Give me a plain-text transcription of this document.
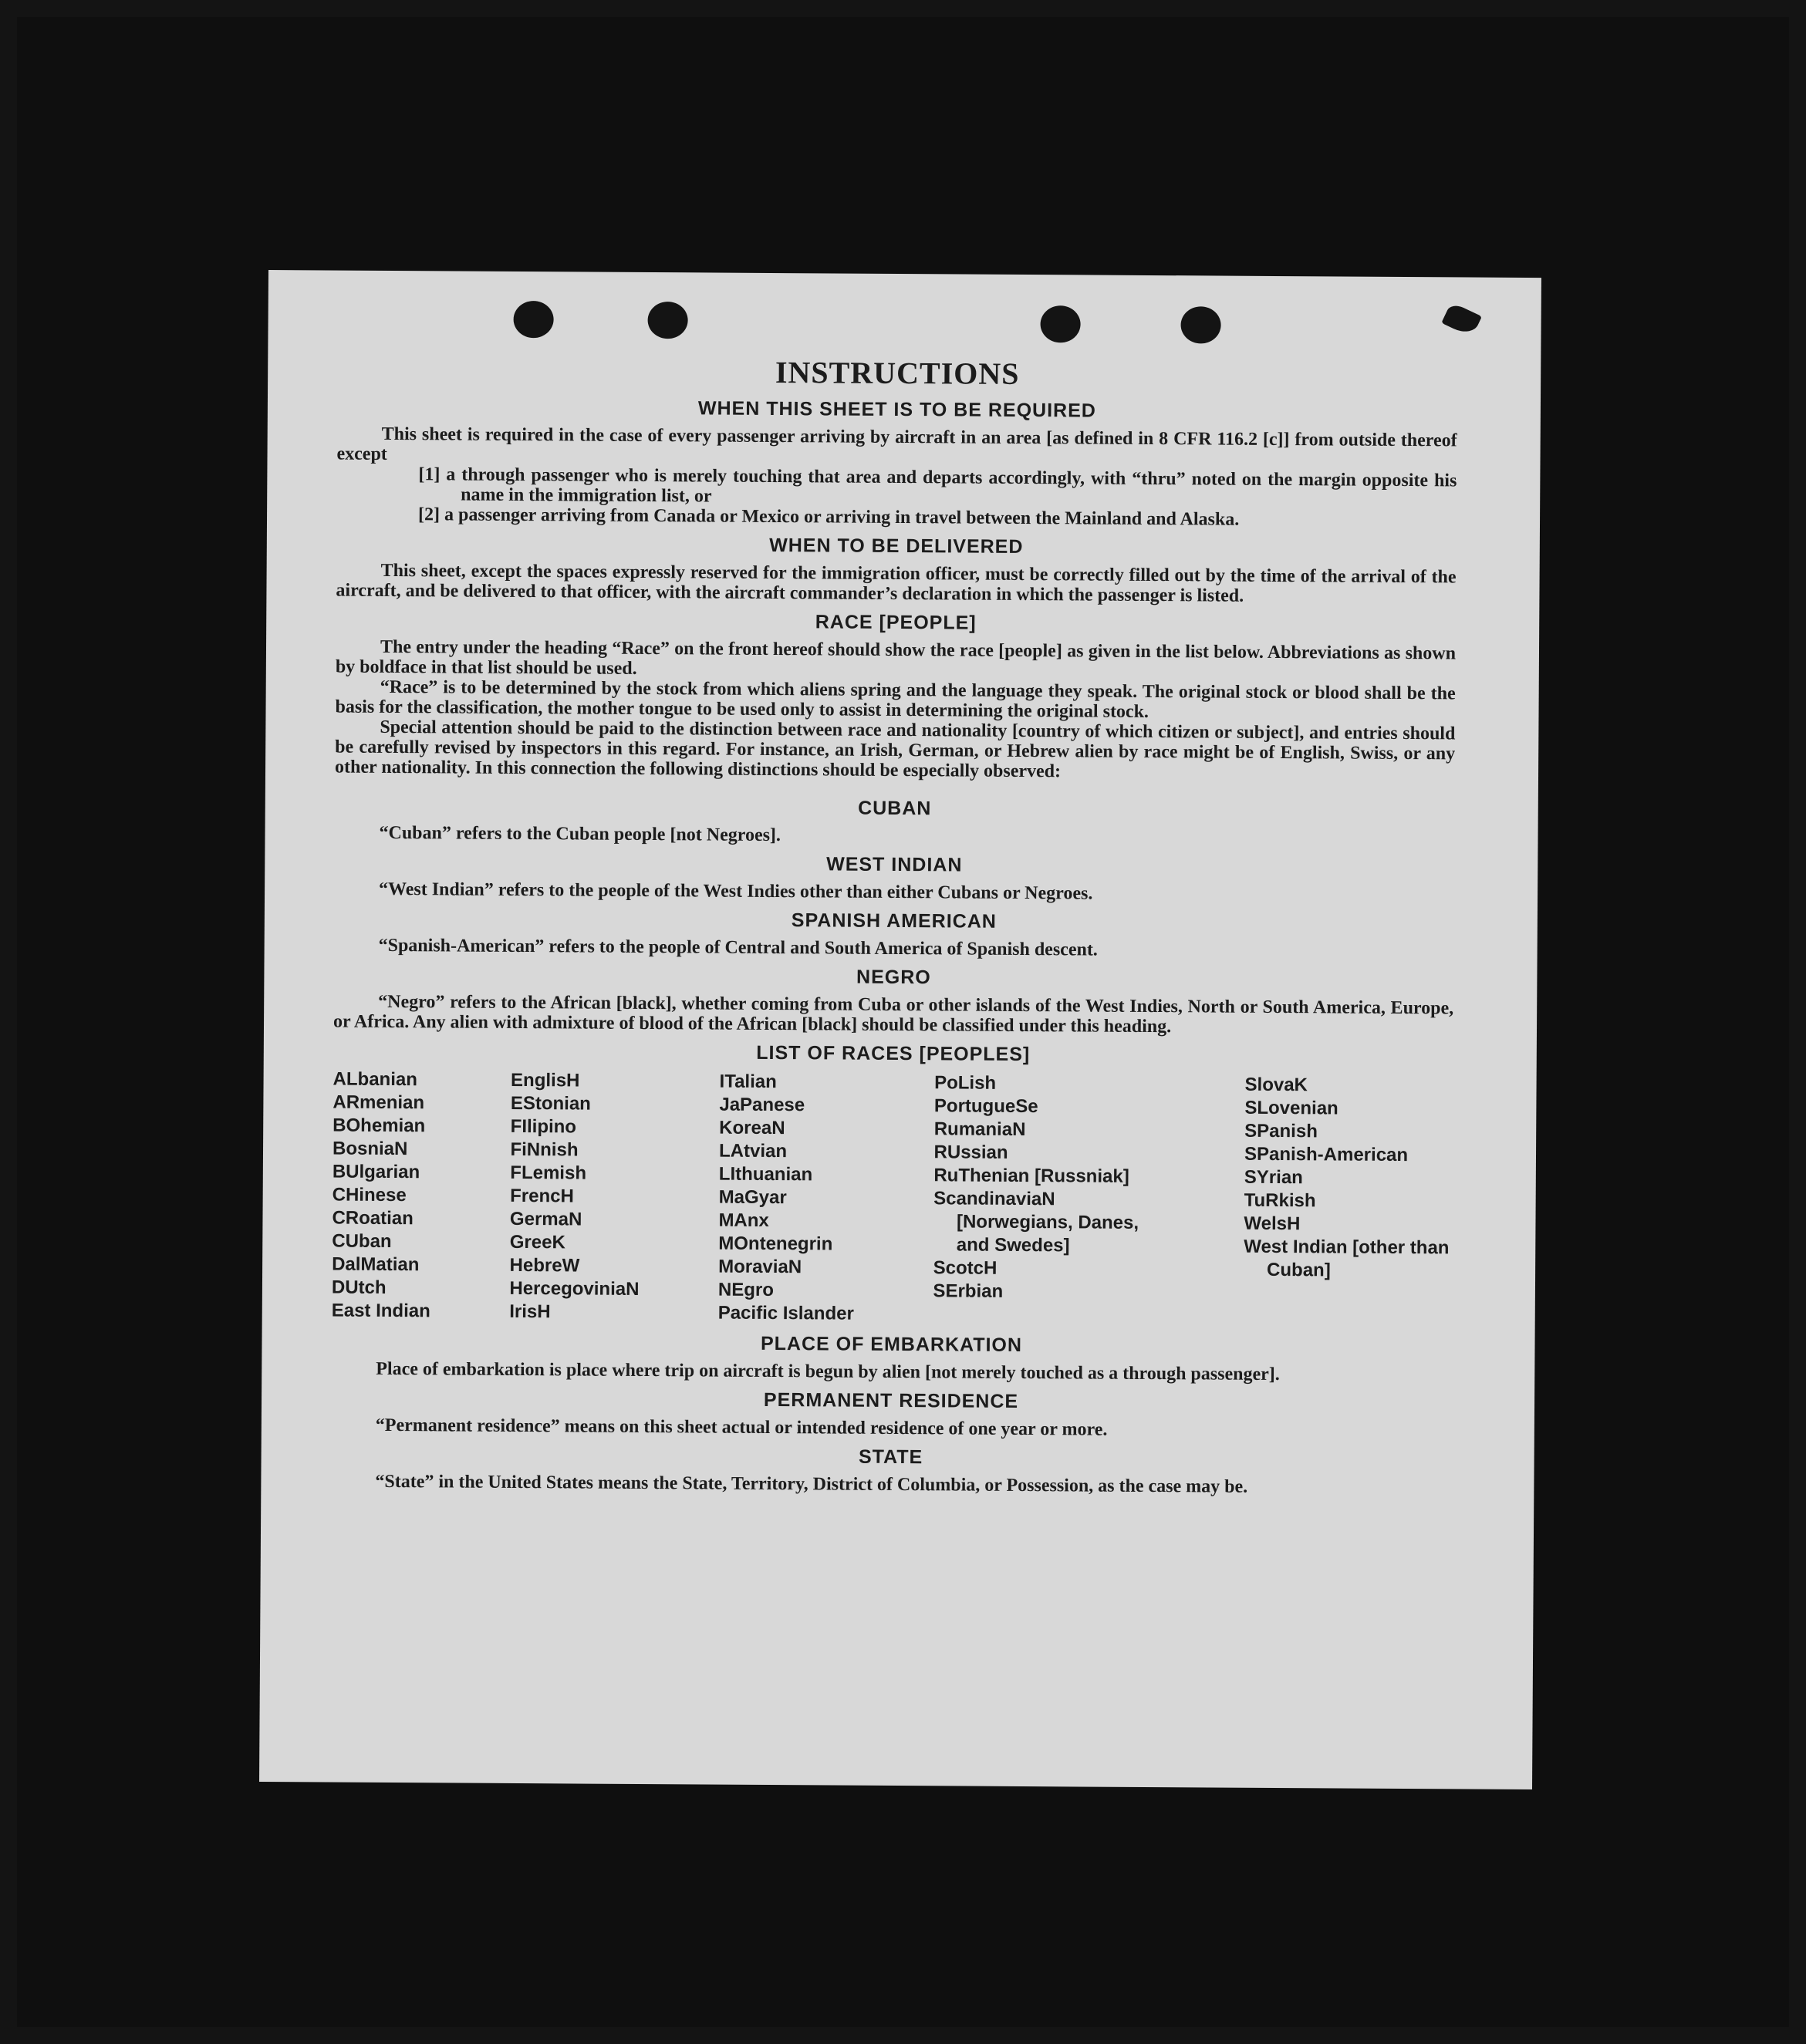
INSTRUCTIONS
WHEN THIS SHEET IS TO BE REQUIRED

This sheet is required in the case of every passenger arriving by aircraft in an area [as defined in 8 CFR 116.2 [c]] from outside thereof except

[1] a through passenger who is merely touching that area and departs accordingly, with “thru” noted on the margin opposite his name in the immigration list, or

[2] a passenger arriving from Canada or Mexico or arriving in travel between the Mainland and Alaska.

WHEN TO BE DELIVERED

This sheet, except the spaces expressly reserved for the immigration officer, must be correctly filled out by the time of the arrival of the aircraft, and be delivered to that officer, with the aircraft commander’s declaration in which the passenger is listed.

RACE [PEOPLE]

The entry under the heading “Race” on the front hereof should show the race [people] as given in the list below. Abbreviations as shown by boldface in that list should be used.

“Race” is to be determined by the stock from which aliens spring and the language they speak. The original stock or blood shall be the basis for the classification, the mother tongue to be used only to assist in determining the original stock.

Special attention should be paid to the distinction between race and nationality [country of which citizen or subject], and entries should be carefully revised by inspectors in this regard. For instance, an Irish, German, or Hebrew alien by race might be of English, Swiss, or any other nationality. In this connection the following distinctions should be especially observed:

CUBAN

“Cuban” refers to the Cuban people [not Negroes].

WEST INDIAN

“West Indian” refers to the people of the West Indies other than either Cubans or Negroes.

SPANISH AMERICAN

“Spanish-American” refers to the people of Central and South America of Spanish descent.

NEGRO

“Negro” refers to the African [black], whether coming from Cuba or other islands of the West Indies, North or South America, Europe, or Africa. Any alien with admixture of blood of the African [black] should be classified under this heading.

LIST OF RACES [PEOPLES]
ALbanian
ARmenian
BOhemian
BosniaN
BUlgarian
CHinese
CRoatian
CUban
DalMatian
DUtch
East Indian
EnglisH
EStonian
FIlipino
FiNnish
FLemish
FrencH
GermaN
GreeK
HebreW
HercegoviniaN
IrisH
ITalian
JaPanese
KoreaN
LAtvian
LIthuanian
MaGyar
MAnx
MOntenegrin
MoraviaN
NEgro
Pacific Islander
PoLish
PortugueSe
RumaniaN
RUssian
RuThenian [Russniak]
ScandinaviaN [Norwegians, Danes, and Swedes]
ScotcH
SErbian
SlovaK
SLovenian
SPanish
SPanish-American
SYrian
TuRkish
WelsH
West Indian [other than Cuban]
PLACE OF EMBARKATION

Place of embarkation is place where trip on aircraft is begun by alien [not merely touched as a through passenger].

PERMANENT RESIDENCE

“Permanent residence” means on this sheet actual or intended residence of one year or more.

STATE

“State” in the United States means the State, Territory, District of Columbia, or Possession, as the case may be.
